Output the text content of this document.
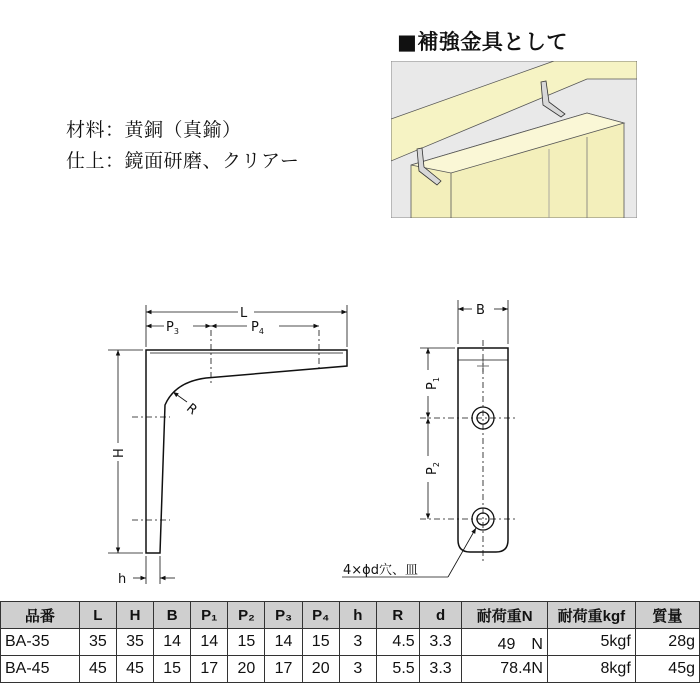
■補強金具として
材料：黄銅（真鍮）
仕上：鏡面研磨、クリアー
L
$P_3$	$P_4$
R
H
h
B
$P_1$
$P_2$
4×ϕd穴、皿
品番	L	H	B	P₁	P₂	P₃	P₄	h	R	d	耐荷重N	耐荷重kgf	質量
BA-35	35	35	14	14	15	14	15	3	4.5	3.3	49　N	5kgf	28g
BA-45	45	45	15	17	20	17	20	3	5.5	3.3	78.4N	8kgf	45g
